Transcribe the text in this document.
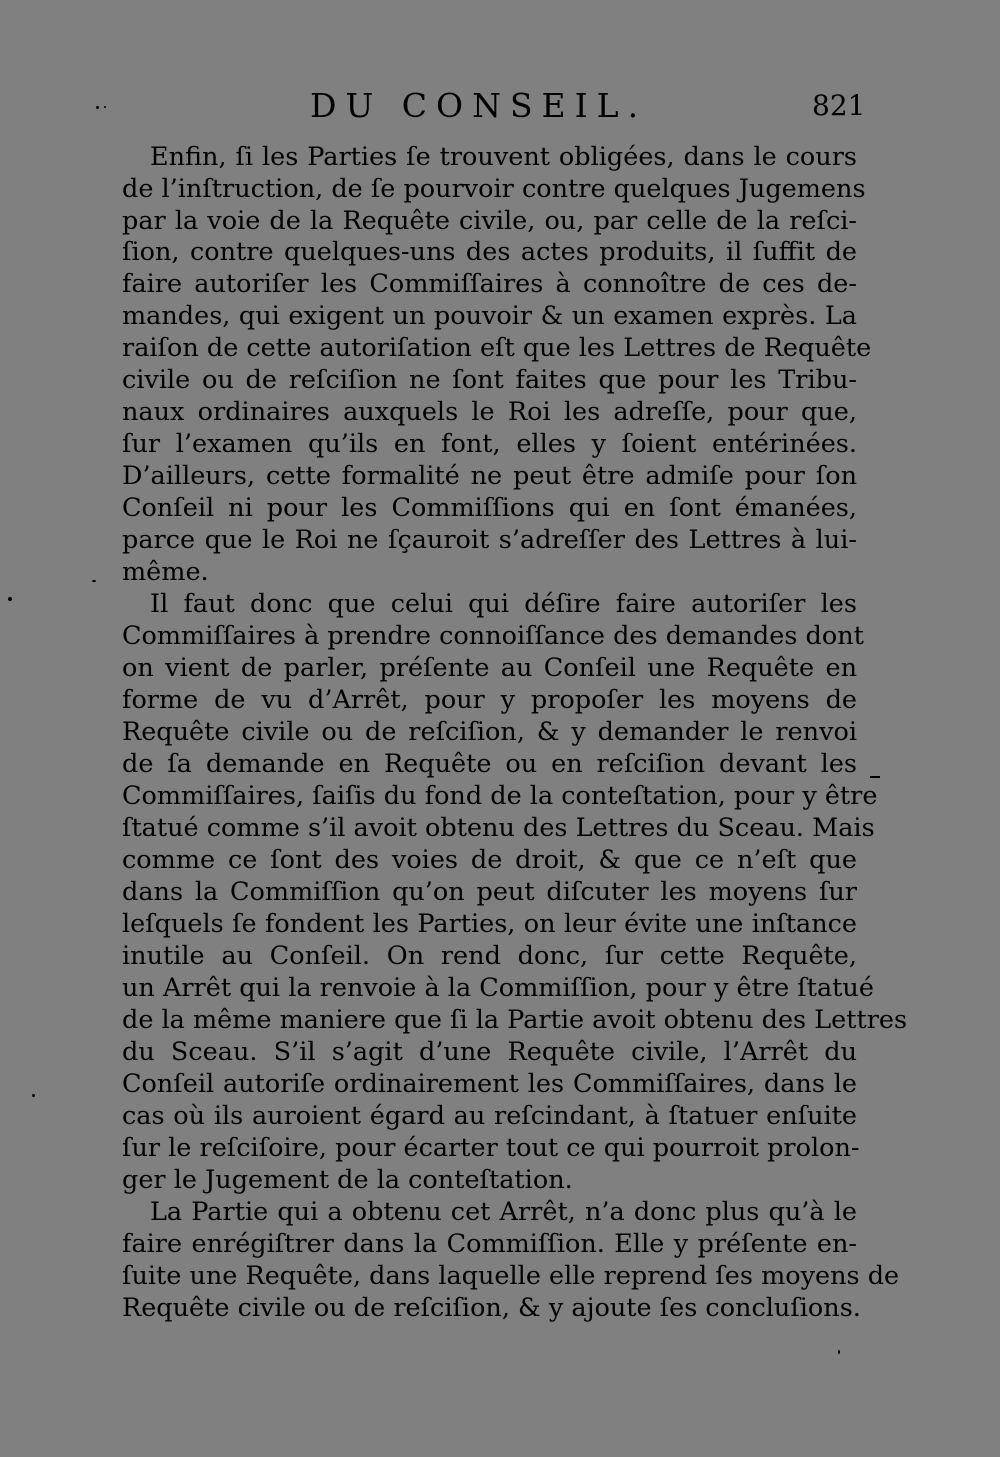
DU CONSEIL.	821
Enfin, ſi les Parties ſe trouvent obligées, dans le cours
de l’inſtruction, de ſe pourvoir contre quelques Jugemens
par la voie de la Requête civile, ou, par celle de la reſci-
ſion, contre quelques-uns des actes produits, il ſuffit de
faire autoriſer les Commiſſaires à connoître de ces de-
mandes, qui exigent un pouvoir & un examen exprès. La
raiſon de cette autoriſation eſt que les Lettres de Requête
civile ou de reſciſion ne ſont faites que pour les Tribu-
naux ordinaires auxquels le Roi les adreſſe, pour que,
ſur l’examen qu’ils en font, elles y ſoient entérinées.
D’ailleurs, cette formalité ne peut être admiſe pour ſon
Conſeil ni pour les Commiſſions qui en ſont émanées,
parce que le Roi ne ſçauroit s’adreſſer des Lettres à lui-
même.
Il faut donc que celui qui déſire faire autoriſer les
Commiſſaires à prendre connoiſſance des demandes dont
on vient de parler, préſente au Conſeil une Requête en
forme de vu d’Arrêt, pour y propoſer les moyens de
Requête civile ou de reſciſion, & y demander le renvoi
de ſa demande en Requête ou en reſciſion devant les
Commiſſaires, ſaiſis du fond de la conteſtation, pour y être
ſtatué comme s’il avoit obtenu des Lettres du Sceau. Mais
comme ce ſont des voies de droit, & que ce n’eſt que
dans la Commiſſion qu’on peut diſcuter les moyens ſur
leſquels ſe fondent les Parties, on leur évite une inſtance
inutile au Conſeil. On rend donc, ſur cette Requête,
un Arrêt qui la renvoie à la Commiſſion, pour y être ſtatué
de la même maniere que ſi la Partie avoit obtenu des Lettres
du Sceau. S’il s’agit d’une Requête civile, l’Arrêt du
Conſeil autoriſe ordinairement les Commiſſaires, dans le
cas où ils auroient égard au reſcindant, à ſtatuer enſuite
ſur le reſciſoire, pour écarter tout ce qui pourroit prolon-
ger le Jugement de la conteſtation.
La Partie qui a obtenu cet Arrêt, n’a donc plus qu’à le
faire enrégiſtrer dans la Commiſſion. Elle y préſente en-
ſuite une Requête, dans laquelle elle reprend ſes moyens de
Requête civile ou de reſciſion, & y ajoute ſes concluſions.
